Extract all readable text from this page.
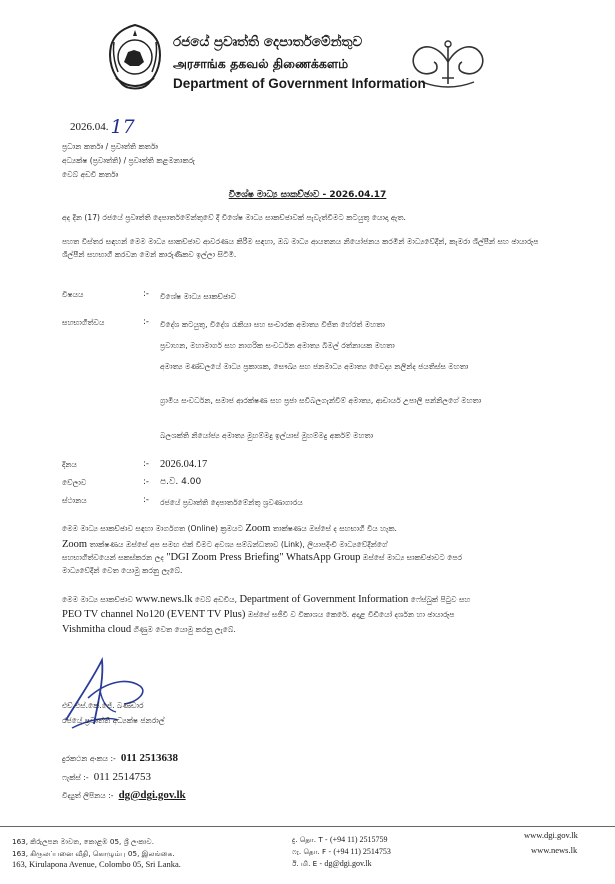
රජයේ ප්‍රවෘත්ති දෙපාර්තමේන්තුව
அரசாங்க தகவல் திணைக்களம்
Department of Government Information
2026.04. 17
ප්‍රධාන කර්තෘ / ප්‍රවෘත්ති කර්තෘ
අධ්‍යක්ෂ (ප්‍රවෘත්ති) / ප්‍රවෘත්ති කළමනාකරු
වෙබ් අඩවි කර්තෘ
විශේෂ මාධ්‍ය සාකච්ඡාව - 2026.04.17
අද දින (17) රජයේ ප්‍රවෘත්ති දෙපාර්තමේන්තුවේ දී විශේෂ මාධ්‍ය සාකච්ඡාවක් පැවැත්වීමට කටයුතු යොදා ඇත.
පහත විස්තර සඳහන් මෙම මාධ්‍ය සාකච්ඡාව ආවරණය කිරීම සඳහා, ඔබ මාධ්‍ය ආයතනය නියෝජනය කරමින් මාධ්‍යවේදීන්, කැමරා ශිල්පීන් සහ ඡායාරූප ශිල්පීන් සහභාගී කරවන මෙන් කාරුණිකව ඉල්ලා සිටිමි.
විෂයය	:- විශේෂ මාධ්‍ය සාකච්ඡාව
සහභාගීත්වය	:- විදේශ කටයුතු, විදේශ රැකියා සහ සංචාරක අමාත්‍ය විජිත හේරත් මහතා
ප්‍රවාහන, මහාමාර්ග සහ නාගරික සංවර්ධන අමාත්‍ය බිමල් රත්නායක මහතා
අමාත්‍ය මණ්ඩලයේ මාධ්‍ය ප්‍රකාශක, සෞඛ්‍ය සහ ජනමාධ්‍ය අමාත්‍ය වෛද්‍ය නලින්ද ජයතිස්ස මහතා
ග්‍රාමීය සංවර්ධන, සමාජ ආරක්ෂණ සහ ප්‍රජා සවිබලගැන්වීම් අමාත්‍ය, ආචාර්ය උපාලි පන්නිලගේ මහතා
බලශක්ති නියෝජ්‍ය අමාත්‍ය මුහම්මදු ඉල්යාස් මුහම්මදු අර්කම් මහතා
දිනය	:- 2026.04.17
වේලාව	:- ප.ව. 4.00
ස්ථානය	:- රජයේ ප්‍රවෘත්ති දෙපාර්තමේන්තු ශ්‍රවණාගාරය
මෙම මාධ්‍ය සාකච්ඡාව සඳහා මාර්ගගත (Online) ක්‍රමයට Zoom තාක්ෂණය ඔස්සේ ද සහභාගී විය හැක.
Zoom තාක්ෂණය ඔස්සේ අප සමඟ එක් වීමට අවශ්‍ය සම්බන්ධතාව (Link), ලියාපදිංචි මාධ්‍යවේදීන්ගේ
සහභාගිත්වයෙන් සකස්කරන ලද "DGI Zoom Press Briefing" WhatsApp Group ඔස්සේ මාධ්‍ය සාකච්ඡාවට පෙර
මාධ්‍යවේදීන් වෙත යොමු කරනු ලැබේ.
මෙම මාධ්‍ය සාකච්ඡාව www.news.lk වෙබ් අඩවිය, Department of Government Information ෆේස්බුක් පිටුව සහ
PEO TV channel No120 (EVENT TV Plus) ඔස්සේ සජීවී ව විකාශය කෙරේ. අදාළ වීඩියෝ දර්ශන හා ඡායාරූප
Vishmitha cloud ගිණුම වෙත යොමු කරනු ලැබේ.
එච්.එස්.කේ.ජේ. බණ්ඩාර
රජයේ ප්‍රවෘත්ති අධ්‍යක්ෂ ජනරාල්
දුරකථන අංකය :- 011 2513638
ෆැක්ස් :- 011 2514753
විද්‍යුත් ලිපිනය :- dg@dgi.gov.lk
163, කිරුලපන මාවත, කොළඹ 05, ශ්‍රී ලංකාව.
163, கிருலப்பனை வீதி, கொழும்பு 05, இலங்கை.
163, Kirulapona Avenue, Colombo 05, Sri Lanka.
දු. தொ. T - (+94 11) 2515759
ෆැ. தொ. F - (+94 11) 2514753
ඊ. மி. E - dg@dgi.gov.lk
www.dgi.gov.lk
www.news.lk
